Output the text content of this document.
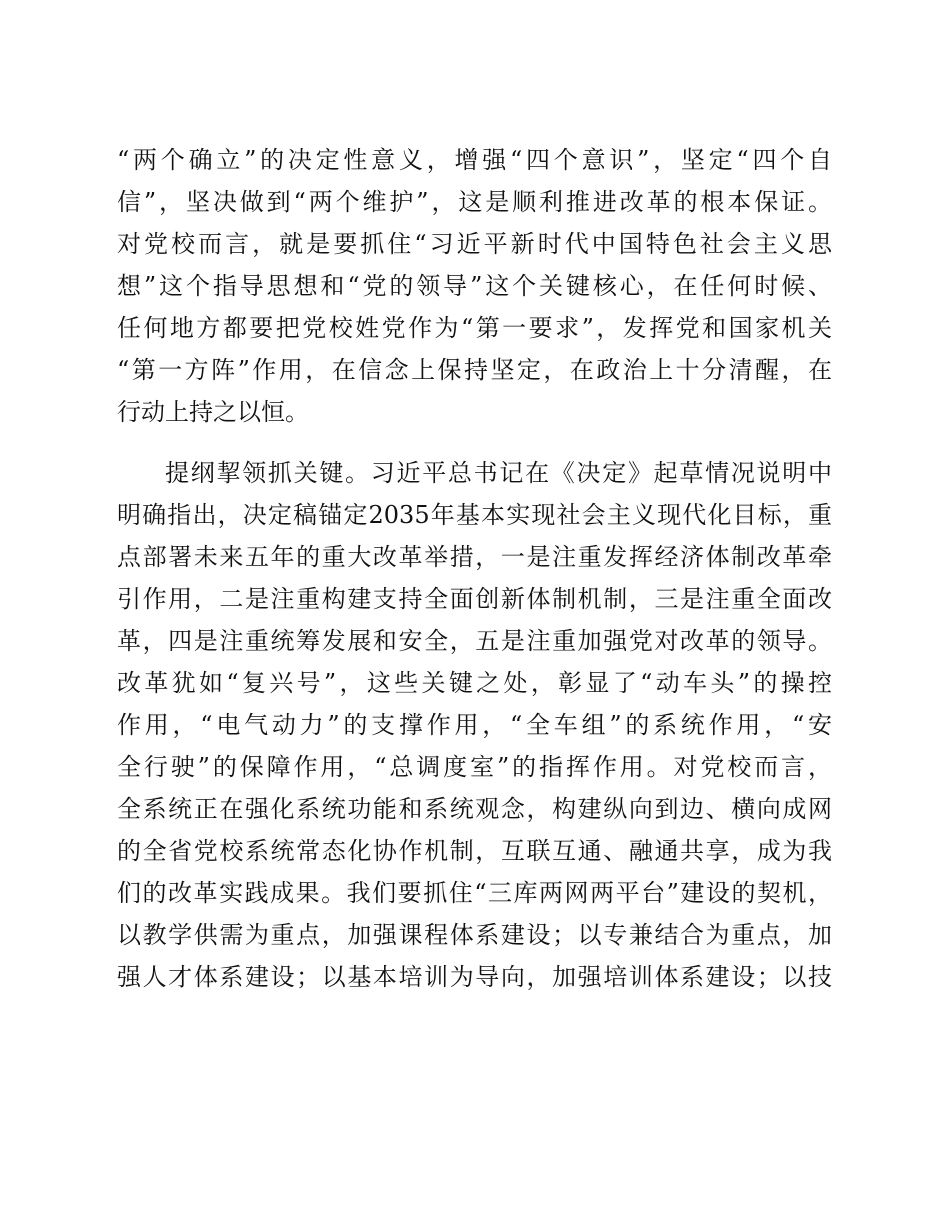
“两个确立”的决定性意义，增强“四个意识”，坚定“四个自
信”，坚决做到“两个维护”，这是顺利推进改革的根本保证。
对党校而言，就是要抓住“习近平新时代中国特色社会主义思
想”这个指导思想和“党的领导”这个关键核心，在任何时候、
任何地方都要把党校姓党作为“第一要求”，发挥党和国家机关
“第一方阵”作用，在信念上保持坚定，在政治上十分清醒，在
行动上持之以恒。
提纲挈领抓关键。习近平总书记在《决定》起草情况说明中
明确指出，决定稿锚定2035年基本实现社会主义现代化目标，重
点部署未来五年的重大改革举措，一是注重发挥经济体制改革牵
引作用，二是注重构建支持全面创新体制机制，三是注重全面改
革，四是注重统筹发展和安全，五是注重加强党对改革的领导。
改革犹如“复兴号”，这些关键之处，彰显了“动车头”的操控
作用，“电气动力”的支撑作用，“全车组”的系统作用，“安
全行驶”的保障作用，“总调度室”的指挥作用。对党校而言，
全系统正在强化系统功能和系统观念，构建纵向到边、横向成网
的全省党校系统常态化协作机制，互联互通、融通共享，成为我
们的改革实践成果。我们要抓住“三库两网两平台”建设的契机，
以教学供需为重点，加强课程体系建设；以专兼结合为重点，加
强人才体系建设；以基本培训为导向，加强培训体系建设；以技
